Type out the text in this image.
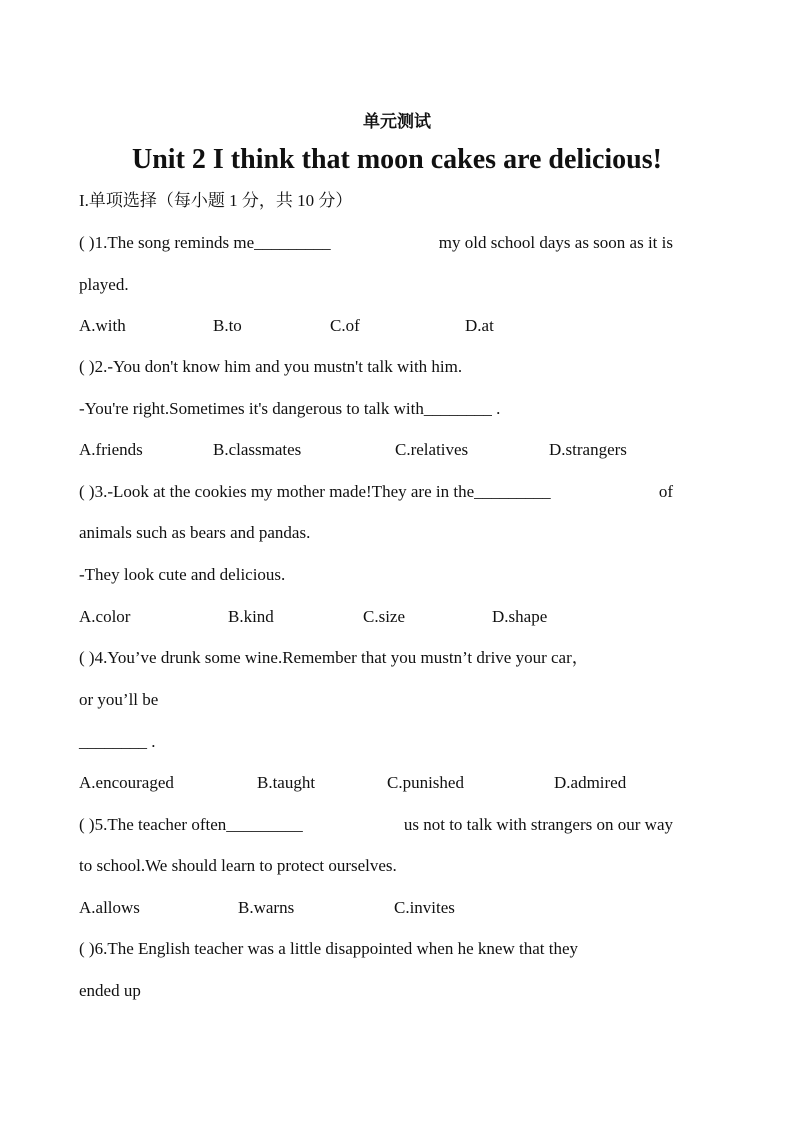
单元测试
Unit 2 I think that moon cakes are delicious!
I.单项选择（每小题 1 分，共 10 分）
( )1.The song reminds me_________	my old school days as soon as it is
played.
A.with	B.to	C.of	D.at
( )2.-You don't know him and you mustn't talk with him.
-You're right.Sometimes it's dangerous to talk with________ .
A.friends	B.classmates	C.relatives	D.strangers
( )3.-Look at the cookies my mother made!They are in the_________	of
animals such as bears and pandas.
-They look cute and delicious.
A.color	B.kind	C.size	D.shape
( )4.You’ve drunk some wine.Remember that you mustn’t drive your car，
or you’ll be
________ .
A.encouraged	B.taught	C.punished	D.admired
( )5.The teacher often_________	us not to talk with strangers on our way
to school.We should learn to protect ourselves.
A.allows	B.warns	C.invites
( )6.The English teacher was a little disappointed when he knew that they
ended up
